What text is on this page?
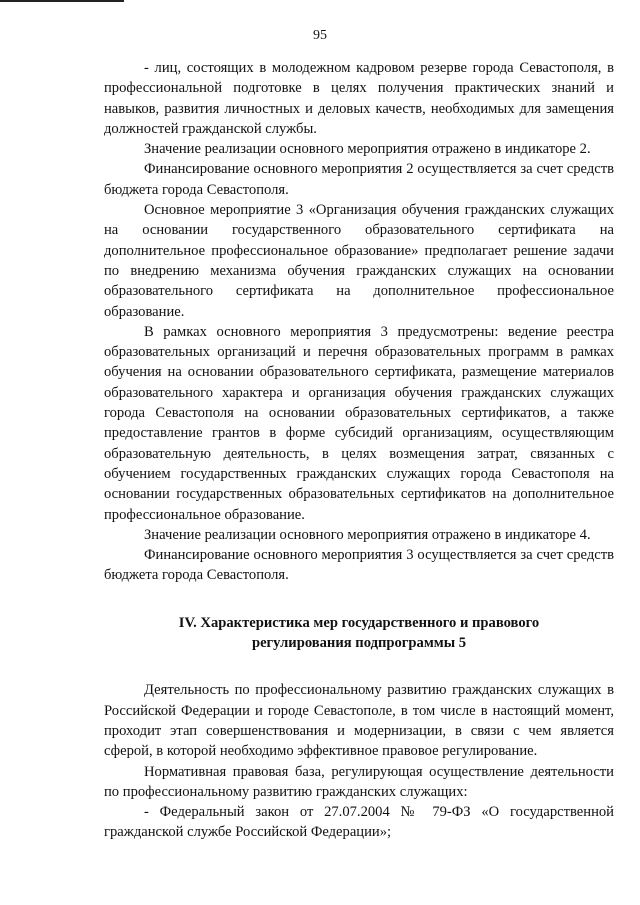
95

- лиц, состоящих в молодежном кадровом резерве города Севастополя, в профессиональной подготовке в целях получения практических знаний и навыков, развития личностных и деловых качеств, необходимых для замещения должностей гражданской службы.

Значение реализации основного мероприятия отражено в индикаторе 2.

Финансирование основного мероприятия 2 осуществляется за счет средств бюджета города Севастополя.

Основное мероприятие 3 «Организация обучения гражданских служащих на основании государственного образовательного сертификата на дополнительное профессиональное образование» предполагает решение задачи по внедрению механизма обучения гражданских служащих на основании образовательного сертификата на дополнительное профессиональное образование.

В рамках основного мероприятия 3 предусмотрены: ведение реестра образовательных организаций и перечня образовательных программ в рамках обучения на основании образовательного сертификата, размещение материалов образовательного характера и организация обучения гражданских служащих города Севастополя на основании образовательных сертификатов, а также предоставление грантов в форме субсидий организациям, осуществляющим образовательную деятельность, в целях возмещения затрат, связанных с обучением государственных гражданских служащих города Севастополя на основании государственных образовательных сертификатов на дополнительное профессиональное образование.

Значение реализации основного мероприятия отражено в индикаторе 4.

Финансирование основного мероприятия 3 осуществляется за счет средств бюджета города Севастополя.

IV. Характеристика мер государственного и правового
регулирования подпрограммы 5

Деятельность по профессиональному развитию гражданских служащих в Российской Федерации и городе Севастополе, в том числе в настоящий момент, проходит этап совершенствования и модернизации, в связи с чем является сферой, в которой необходимо эффективное правовое регулирование.

Нормативная правовая база, регулирующая осуществление деятельности по профессиональному развитию гражданских служащих:

- Федеральный закон от 27.07.2004 № 79-ФЗ «О государственной гражданской службе Российской Федерации»;
